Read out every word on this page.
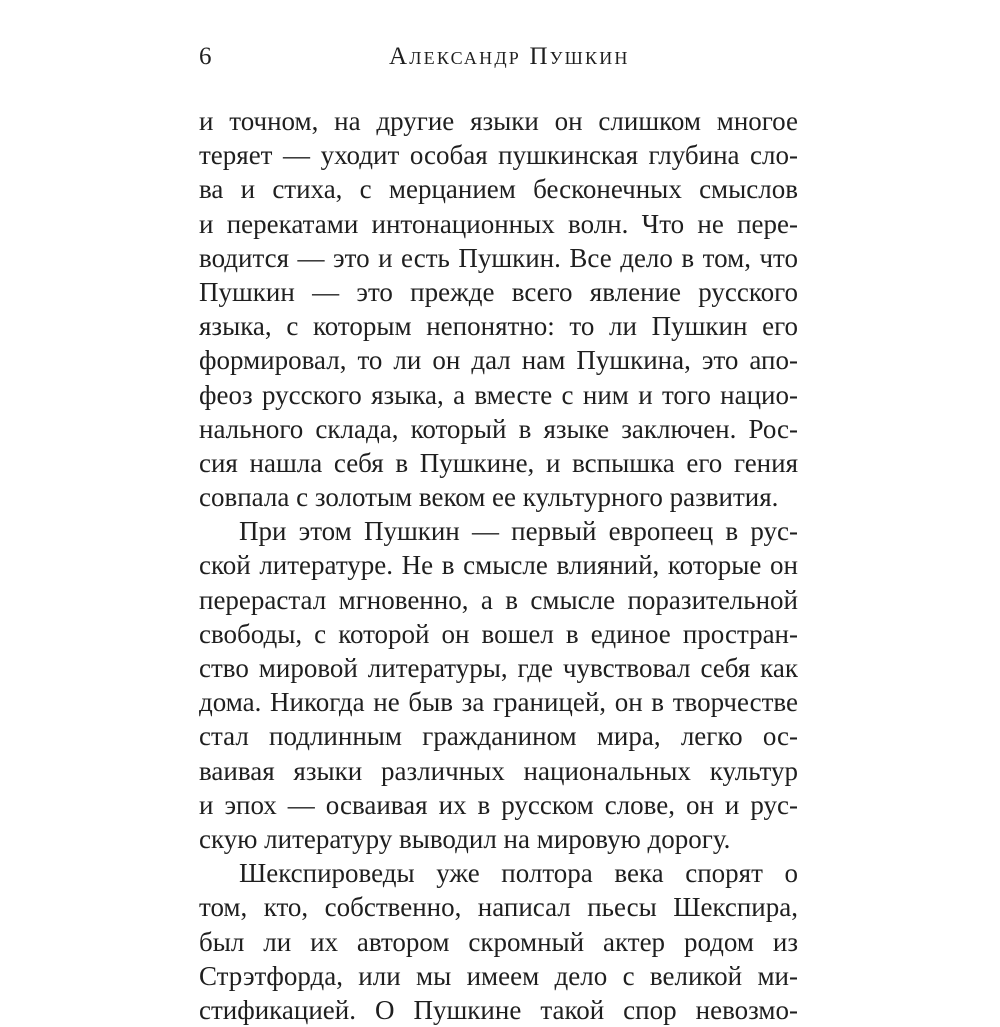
6	Александр Пушкин
и точном, на другие языки он слишком многое
теряет — уходит особая пушкинская глубина сло-
ва и стиха, с мерцанием бесконечных смыслов
и перекатами интонационных волн. Что не пере-
водится — это и есть Пушкин. Все дело в том, что
Пушкин — это прежде всего явление русского
языка, с которым непонятно: то ли Пушкин его
формировал, то ли он дал нам Пушкина, это апо-
феоз русского языка, а вместе с ним и того нацио-
нального склада, который в языке заключен. Рос-
сия нашла себя в Пушкине, и вспышка его гения
совпала с золотым веком ее культурного развития.
При этом Пушкин — первый европеец в рус-
ской литературе. Не в смысле влияний, которые он
перерастал мгновенно, а в смысле поразительной
свободы, с которой он вошел в единое простран-
ство мировой литературы, где чувствовал себя как
дома. Никогда не быв за границей, он в творчестве
стал подлинным гражданином мира, легко ос-
ваивая языки различных национальных культур
и эпох — осваивая их в русском слове, он и рус-
скую литературу выводил на мировую дорогу.
Шекспироведы уже полтора века спорят о
том, кто, собственно, написал пьесы Шекспира,
был ли их автором скромный актер родом из
Стрэтфорда, или мы имеем дело с великой ми-
стификацией. О Пушкине такой спор невозмо-
